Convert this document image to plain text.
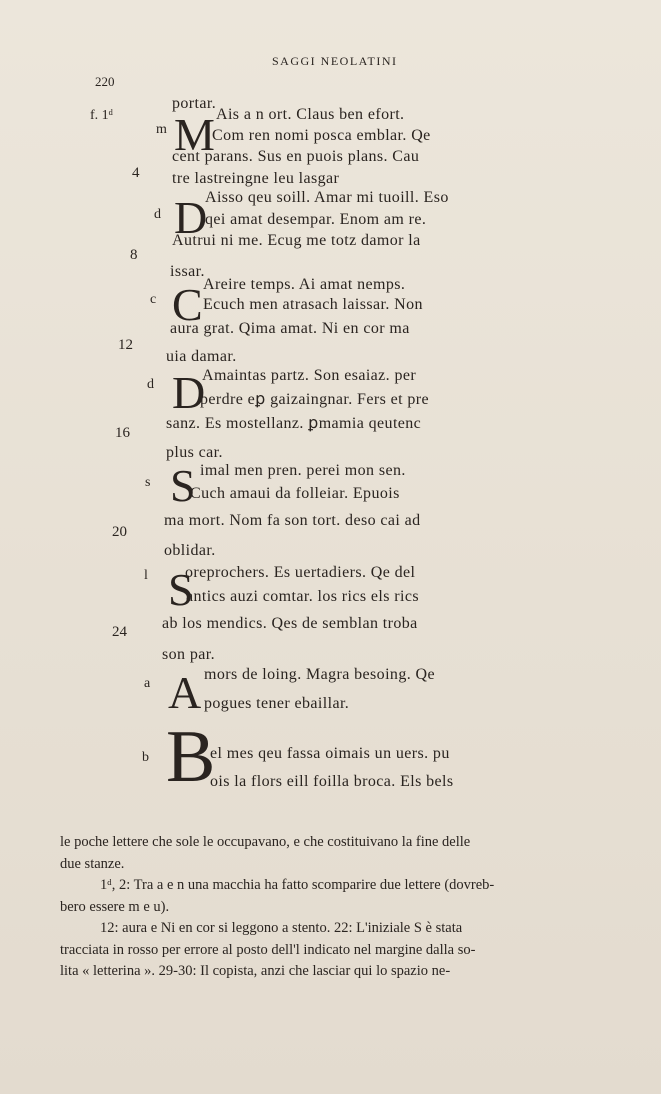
SAGGI NEOLATINI
220
f. 1ᵈ
portar.
m M Ais a n ort. Claus ben efort.
Com ren nomi posca emblar. Qe
4
cent parans. Sus en puois plans. Cau
tre lastreingne leu lasgar
d D
Aisso qeu soill. Amar mi tuoill. Eso
qei amat desempar. Enom am re.
8
Autrui ni me. Ecug me totz damor la
issar.
c C Areire temps. Ai amat nemps.
Ecuch men atrasach laissar. Non
12
aura grat. Qima amat. Ni en cor ma
uia damar.
d D
Amaintas partz. Son esaiaz. per
perdre eꝑ gaizaingnar. Fers et pre
16
sanz. Es mostellanz. ꝑmamia qeutenc
plus car.
s S imal men pren. perei mon sen.
Cuch amaui da folleiar. Epuois
20
ma mort. Nom fa son tort. deso cai ad
oblidar.
l S
oreprochers. Es uertadiers. Qe del
antics auzi comtar. los rics els rics
24 ab los mendics. Qes de semblan troba
son par.
a A mors de loing. Magra besoing. Qe
pogues tener ebaillar.
b B
el mes qeu fassa oimais un uers. pu
ois la flors eill foilla broca. Els bels

le poche lettere che sole le occupavano, e che costituivano la fine delle

due stanze.

1ᵈ, 2: Tra a e n una macchia ha fatto scomparire due lettere (dovreb-

bero essere m e u).

12: aura e Ni en cor si leggono a stento. 22: L'iniziale S è stata

tracciata in rosso per errore al posto dell'l indicato nel margine dalla so-

lita « letterina ». 29-30: Il copista, anzi che lasciar qui lo spazio ne-
